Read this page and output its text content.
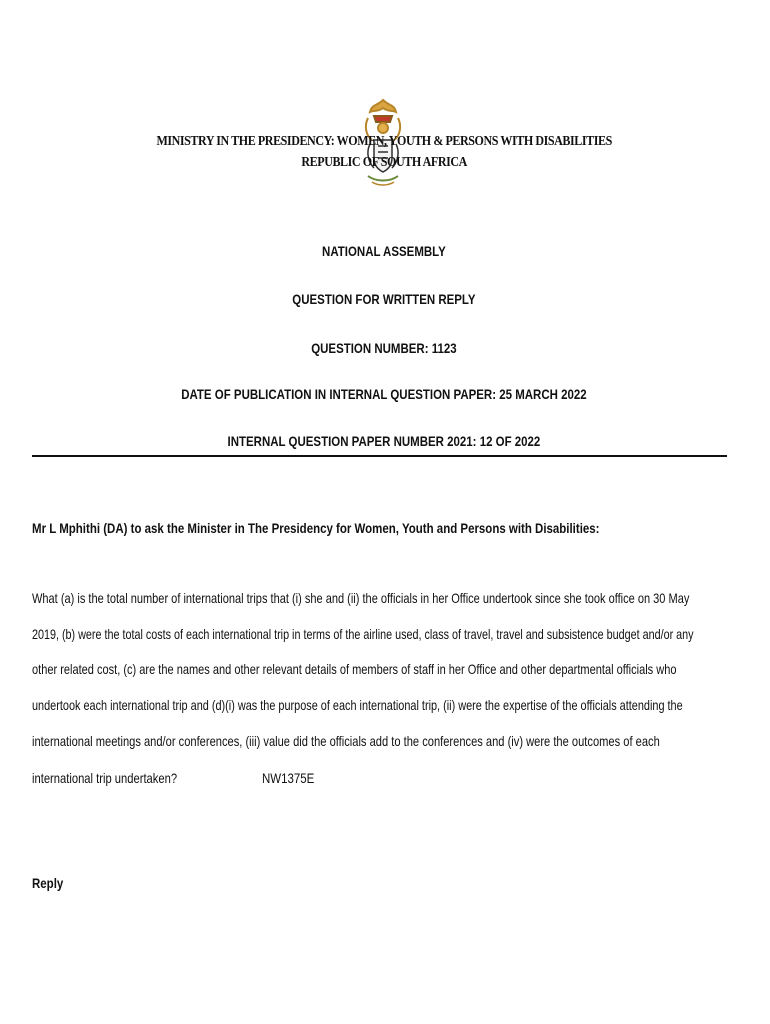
MINISTRY IN THE PRESIDENCY: WOMEN, YOUTH & PERSONS WITH DISABILITIES
REPUBLIC OF SOUTH AFRICA
NATIONAL ASSEMBLY
QUESTION FOR WRITTEN REPLY
QUESTION NUMBER: 1123
DATE OF PUBLICATION IN INTERNAL QUESTION PAPER: 25 MARCH 2022
INTERNAL QUESTION PAPER NUMBER 2021: 12 OF 2022
Mr L Mphithi (DA) to ask the Minister in The Presidency for Women, Youth and Persons with Disabilities:
What (a) is the total number of international trips that (i) she and (ii) the officials in her Office undertook since she took office on 30 May
2019, (b) were the total costs of each international trip in terms of the airline used, class of travel, travel and subsistence budget and/or any
other related cost, (c) are the names and other relevant details of members of staff in her Office and other departmental officials who
undertook each international trip and (d)(i) was the purpose of each international trip, (ii) were the expertise of the officials attending the
international meetings and/or conferences, (iii) value did the officials add to the conferences and (iv) were the outcomes of each
international trip undertaken?	NW1375E
Reply
